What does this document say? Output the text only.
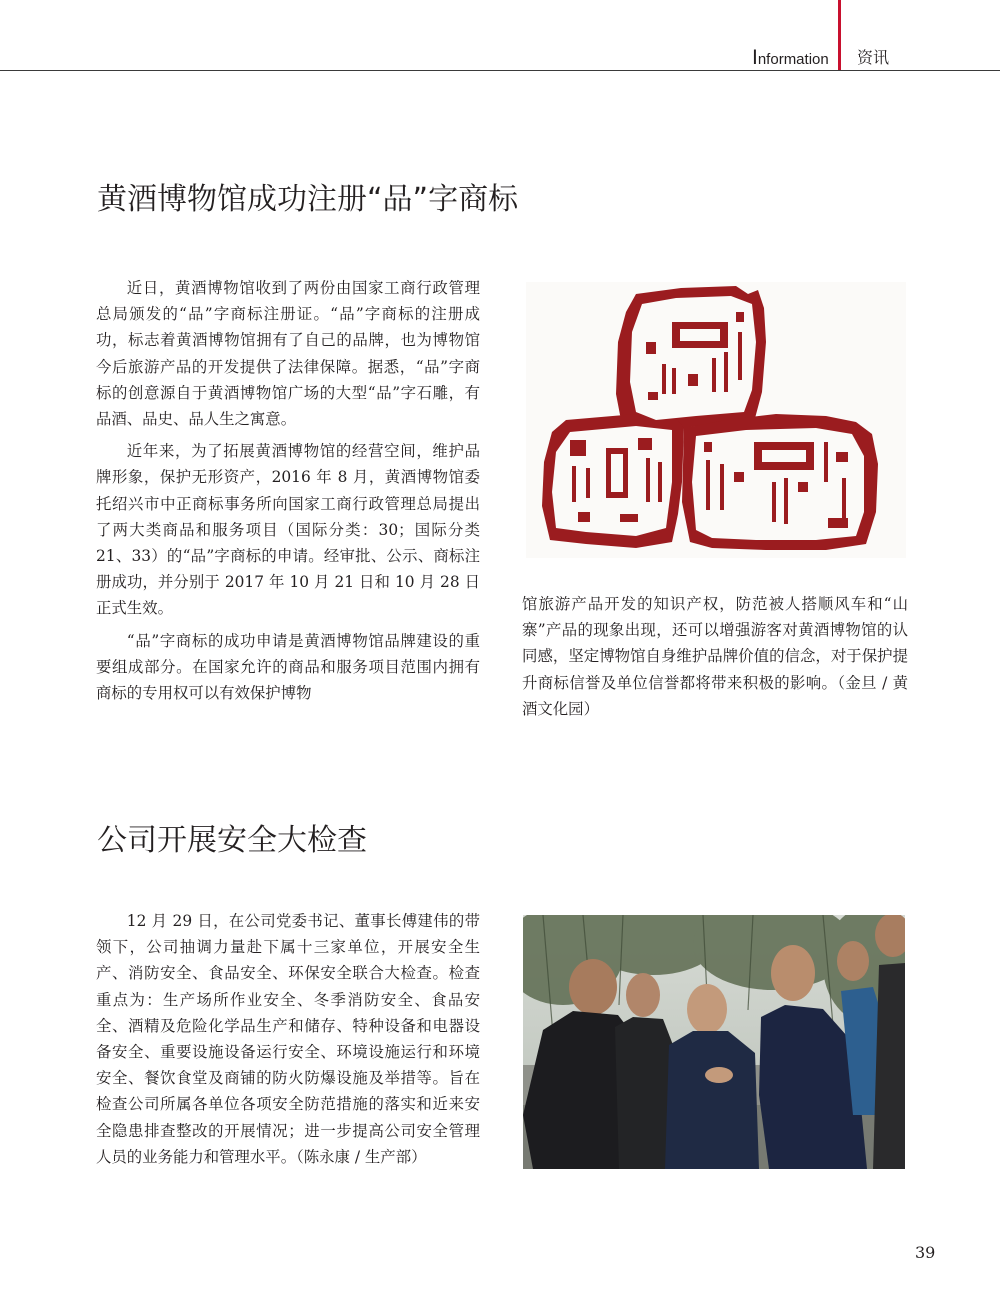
Information 资讯
黄酒博物馆成功注册“品”字商标

近日，黄酒博物馆收到了两份由国家工商行政管理总局颁发的“品”字商标注册证。“品”字商标的注册成功，标志着黄酒博物馆拥有了自己的品牌，也为博物馆今后旅游产品的开发提供了法律保障。据悉，“品”字商标的创意源自于黄酒博物馆广场的大型“品”字石雕，有品酒、品史、品人生之寓意。

近年来，为了拓展黄酒博物馆的经营空间，维护品牌形象，保护无形资产，2016 年 8 月，黄酒博物馆委托绍兴市中正商标事务所向国家工商行政管理总局提出了两大类商品和服务项目（国际分类：30；国际分类 21、33）的“品”字商标的申请。经审批、公示、商标注册成功，并分别于 2017 年 10 月 21 日和 10 月 28 日正式生效。

“品”字商标的成功申请是黄酒博物馆品牌建设的重要组成部分。在国家允许的商品和服务项目范围内拥有商标的专用权可以有效保护博物

馆旅游产品开发的知识产权，防范被人搭顺风车和“山寨”产品的现象出现，还可以增强游客对黄酒博物馆的认同感，坚定博物馆自身维护品牌价值的信念，对于保护提升商标信誉及单位信誉都将带来积极的影响。（金旦 / 黄酒文化园）

公司开展安全大检查

12 月 29 日，在公司党委书记、董事长傅建伟的带领下，公司抽调力量赴下属十三家单位，开展安全生产、消防安全、食品安全、环保安全联合大检查。检查重点为：生产场所作业安全、冬季消防安全、食品安全、酒精及危险化学品生产和储存、特种设备和电器设备安全、重要设施设备运行安全、环境设施运行和环境安全、餐饮食堂及商铺的防火防爆设施及举措等。旨在检查公司所属各单位各项安全防范措施的落实和近来安全隐患排查整改的开展情况；进一步提高公司安全管理人员的业务能力和管理水平。（陈永康 / 生产部）

39
